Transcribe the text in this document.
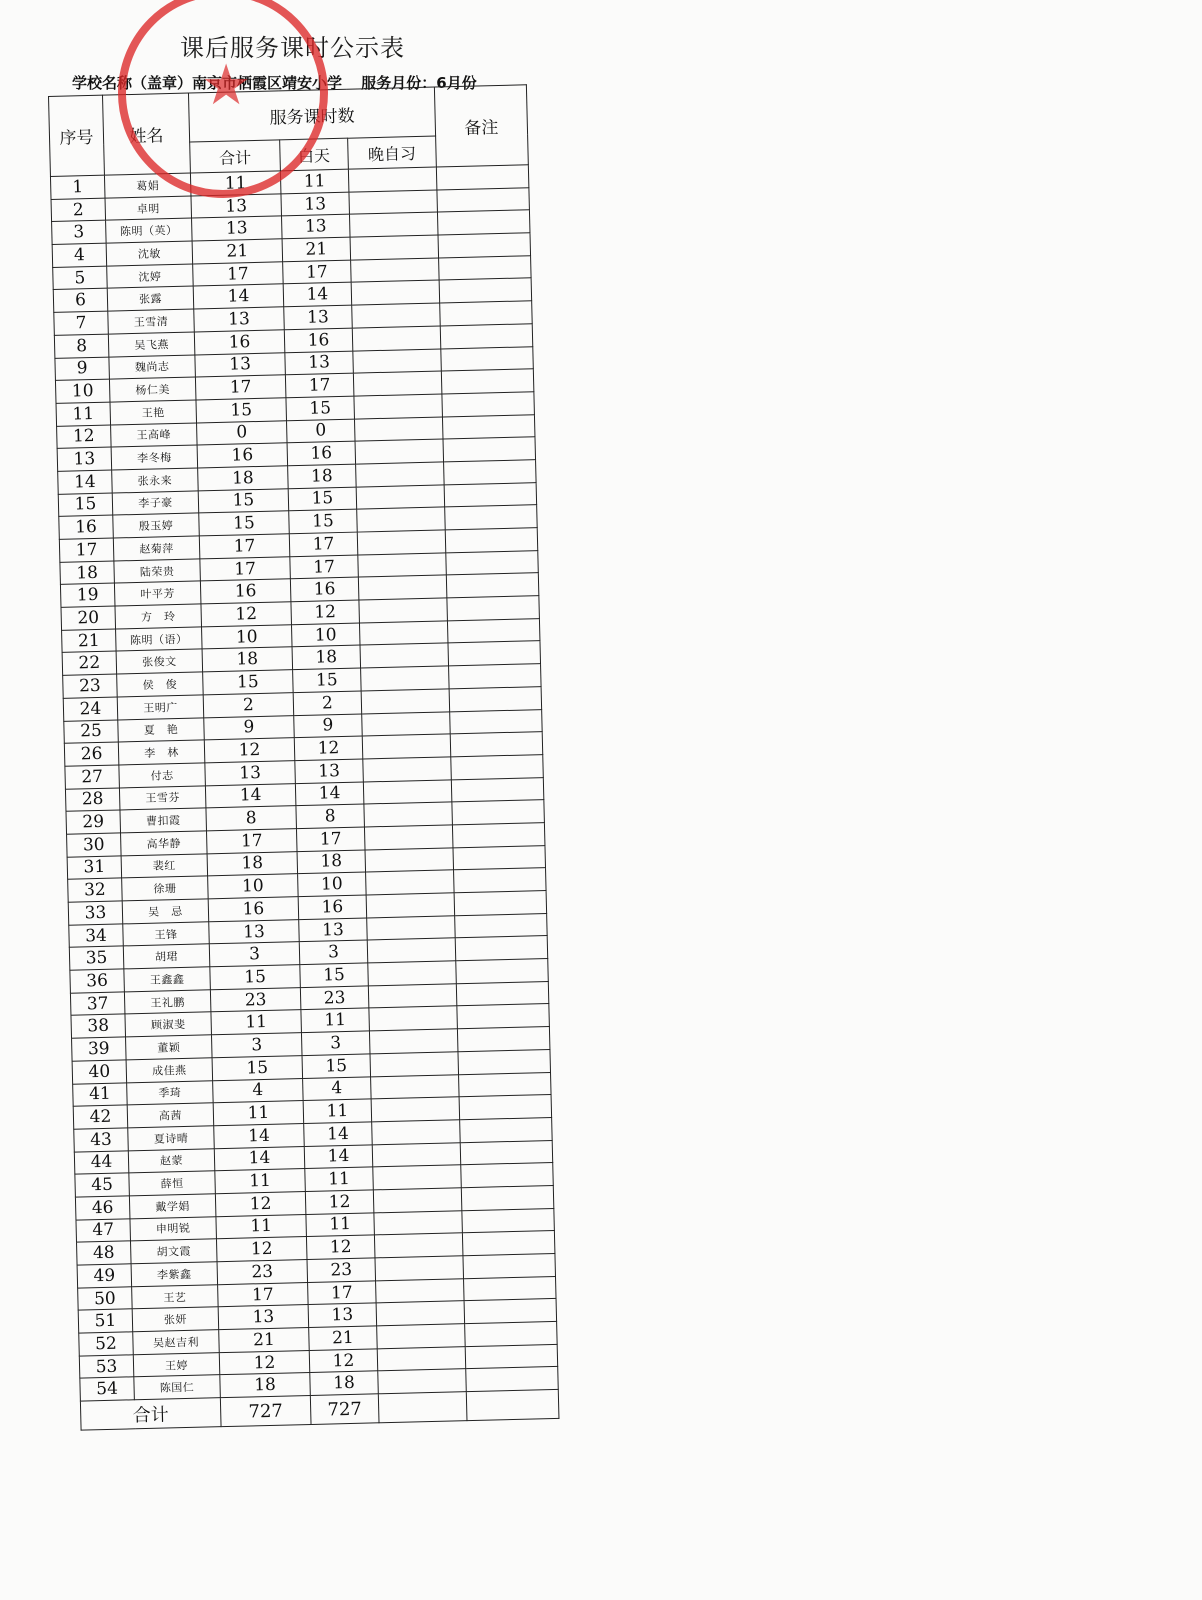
课后服务课时公示表
学校名称（盖章）南京市栖霞区靖安小学 服务月份：6月份
序号	姓名	服务课时数			备注
		合计	白天	晚自习	
1	葛娟	11	11		
2	卓明	13	13		
3	陈明（英）	13	13		
4	沈敏	21	21		
5	沈婷	17	17		
6	张露	14	14		
7	王雪清	13	13		
8	吴飞燕	16	16		
9	魏尚志	13	13		
10	杨仁美	17	17		
11	王艳	15	15		
12	王高峰	0	0		
13	李冬梅	16	16		
14	张永来	18	18		
15	李子豪	15	15		
16	殷玉婷	15	15		
17	赵菊萍	17	17		
18	陆荣贵	17	17		
19	叶平芳	16	16		
20	方　玲	12	12		
21	陈明（语）	10	10		
22	张俊文	18	18		
23	侯　俊	15	15		
24	王明广	2	2		
25	夏　艳	9	9		
26	李　林	12	12		
27	付志	13	13		
28	王雪芬	14	14		
29	曹扣霞	8	8		
30	高华静	17	17		
31	裴红	18	18		
32	徐珊	10	10		
33	吴　忌	16	16		
34	王锋	13	13		
35	胡珺	3	3		
36	王鑫鑫	15	15		
37	王礼鹏	23	23		
38	顾淑斐	11	11		
39	董颖	3	3		
40	成佳燕	15	15		
41	季琦	4	4		
42	高茜	11	11		
43	夏诗晴	14	14		
44	赵蒙	14	14		
45	薛恒	11	11		
46	戴学娟	12	12		
47	申明锐	11	11		
48	胡文霞	12	12		
49	李紫鑫	23	23		
50	王艺	17	17		
51	张妍	13	13		
52	吴赵吉利	21	21		
53	王婷	12	12		
54	陈国仁	18	18		
合计		727	727		
★
